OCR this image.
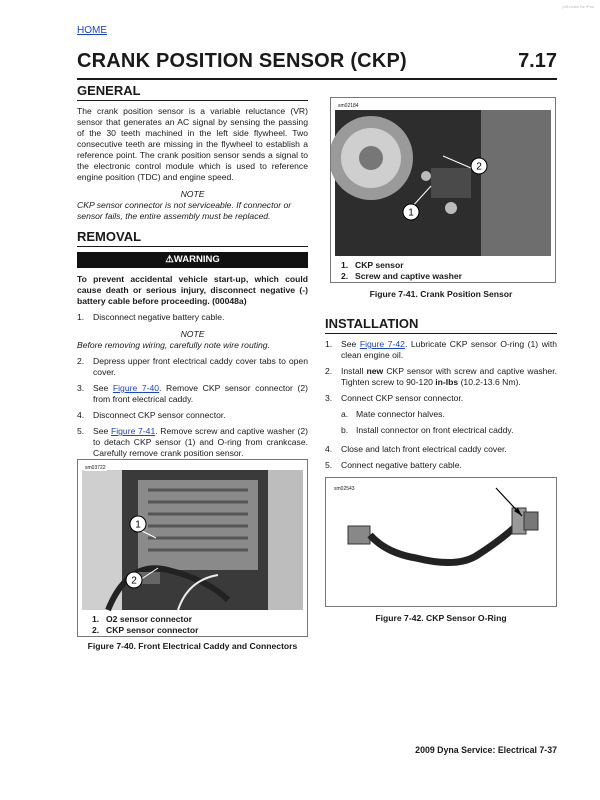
pdf-notes for iPad
HOME
CRANK POSITION SENSOR (CKP)	7.17
GENERAL

The crank position sensor is a variable reluctance (VR) sensor that generates an AC signal by sensing the passing of the 30 teeth machined in the left side flywheel. Two consecutive teeth are missing in the flywheel to establish a reference point. The crank position sensor sends a signal to the electronic control module which is used to reference engine position (TDC) and engine speed.

NOTE
CKP sensor connector is not serviceable. If connector or sensor fails, the entire assembly must be replaced.
REMOVAL
⚠WARNING
To prevent accidental vehicle start-up, which could cause death or serious injury, disconnect negative (-) battery cable before proceeding. (00048a)
1.	Disconnect negative battery cable.
NOTE
Before removing wiring, carefully note wire routing.
2.	Depress upper front electrical caddy cover tabs to open cover.
3.	See Figure 7-40. Remove CKP sensor connector (2) from front electrical caddy.
4.	Disconnect CKP sensor connector.
5.	See Figure 7-41. Remove screw and captive washer (2) to detach CKP sensor (1) and O-ring from crankcase. Carefully remove crank position sensor.
1
2
sm03722
1. O2 sensor connector
2. CKP sensor connector
Figure 7-40. Front Electrical Caddy and Connectors
2
1
sm02184
1. CKP sensor
2. Screw and captive washer
Figure 7-41. Crank Position Sensor
INSTALLATION
1.	See Figure 7-42. Lubricate CKP sensor O-ring (1) with clean engine oil.
2.	Install new CKP sensor with screw and captive washer. Tighten screw to 90-120 in-lbs (10.2-13.6 Nm).
3.	Connect CKP sensor connector.
a. Mate connector halves.
b. Install connector on front electrical caddy.
4.	Close and latch front electrical caddy cover.
5.	Connect negative battery cable.
sm02543
Figure 7-42. CKP Sensor O-Ring
2009 Dyna Service: Electrical 7-37
